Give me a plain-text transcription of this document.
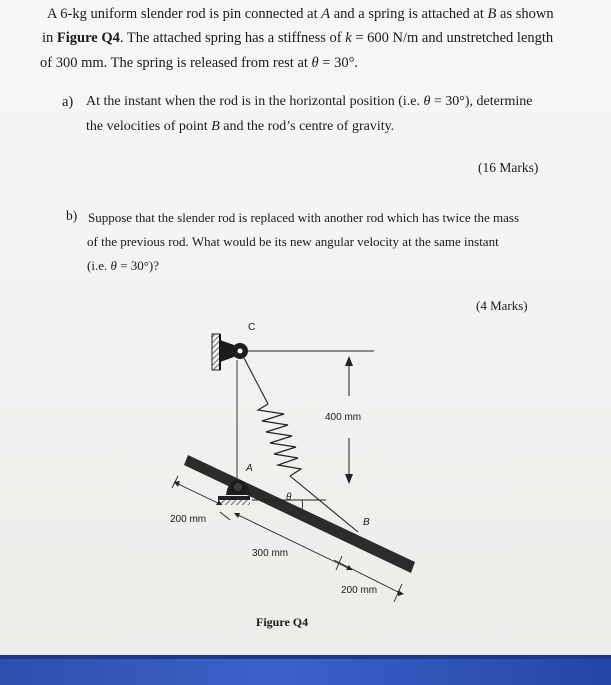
A 6-kg uniform slender rod is pin connected at A and a spring is attached at B as shown
in Figure Q4. The attached spring has a stiffness of k = 600 N/m and unstretched length
of 300 mm. The spring is released from rest at θ = 30°.
a) At the instant when the rod is in the horizontal position (i.e. θ = 30°), determine
the velocities of point B and the rod’s centre of gravity.
(16 Marks)
b) Suppose that the slender rod is replaced with another rod which has twice the mass
of the previous rod. What would be its new angular velocity at the same instant
(i.e. θ = 30°)?
(4 Marks)
C
A
B
θ
400 mm
200 mm
300 mm
200 mm
Figure Q4
